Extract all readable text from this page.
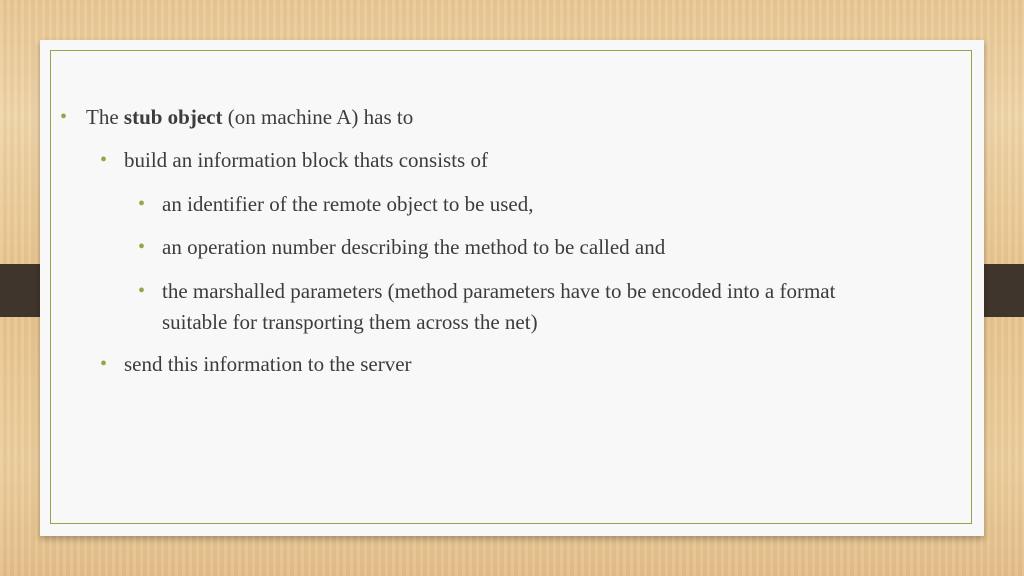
• The stub object (on machine A) has to
• build an information block thats consists of
• an identifier of the remote object to be used,
• an operation number describing the method to be called and
• the marshalled parameters (method parameters have to be encoded into a format
suitable for transporting them across the net)
• send this information to the server
